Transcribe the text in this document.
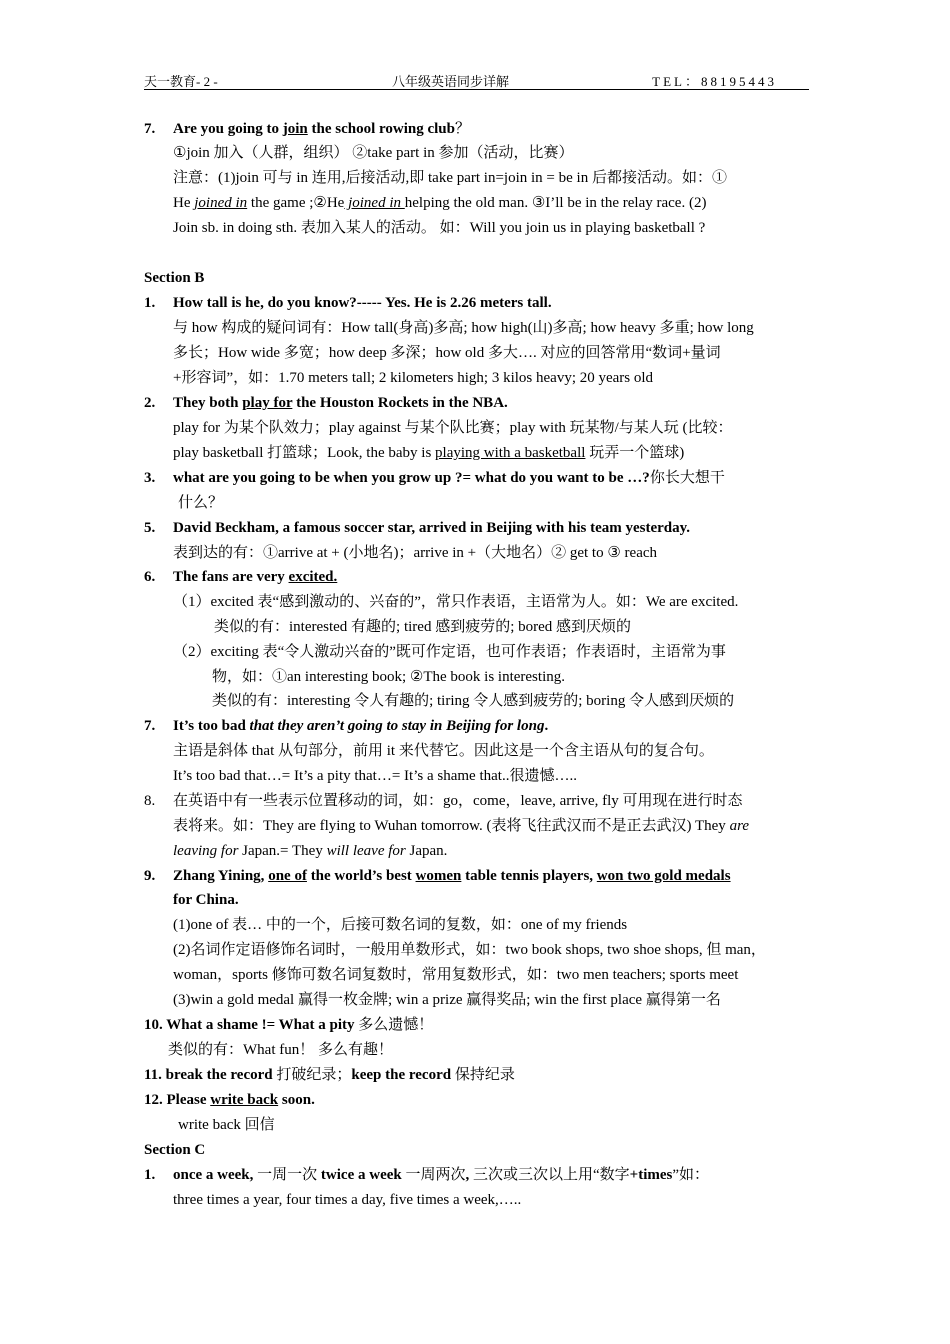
天一教育- 2 -	八年级英语同步详解	TEL：88195443
7. Are you going to join the school rowing club？
①join 加入（人群，组织） ②take part in 参加（活动，比赛）
注意：(1)join 可与 in 连用,后接活动,即 take part in=join in = be in 后都接活动。如：①
He joined in the game ;②He joined in helping the old man. ③I’ll be in the relay race. (2)
Join sb. in doing sth. 表加入某人的活动。 如：Will you join us in playing basketball ?
Section B
1. How tall is he, do you know?----- Yes. He is 2.26 meters tall.
与 how 构成的疑问词有：How tall(身高)多高; how high(山)多高; how heavy 多重; how long
多长；How wide 多宽；how deep 多深；how old 多大…. 对应的回答常用“数词+量词
+形容词”，如：1.70 meters tall; 2 kilometers high; 3 kilos heavy; 20 years old
2. They both play for the Houston Rockets in the NBA.
play for 为某个队效力；play against 与某个队比赛；play with 玩某物/与某人玩 (比较：
play basketball 打篮球；Look, the baby is playing with a basketball 玩弄一个篮球)
3. what are you going to be when you grow up ?= what do you want to be …?你长大想干
什么？
5. David Beckham, a famous soccer star, arrived in Beijing with his team yesterday.
表到达的有：①arrive at + (小地名)；arrive in +（大地名）② get to ③ reach
6. The fans are very excited.
（1）excited 表“感到激动的、兴奋的”，常只作表语，主语常为人。如：We are excited.
类似的有：interested 有趣的; tired 感到疲劳的; bored 感到厌烦的
（2）exciting 表“令人激动兴奋的”既可作定语，也可作表语；作表语时，主语常为事
物，如：①an interesting book; ②The book is interesting.
类似的有：interesting 令人有趣的; tiring 令人感到疲劳的; boring 令人感到厌烦的
7. It’s too bad that they aren’t going to stay in Beijing for long.
主语是斜体 that 从句部分，前用 it 来代替它。因此这是一个含主语从句的复合句。
It’s too bad that…= It’s a pity that…= It’s a shame that..很遗憾…..
8. 在英语中有一些表示位置移动的词，如：go，come，leave, arrive, fly 可用现在进行时态
表将来。如：They are flying to Wuhan tomorrow. (表将飞往武汉而不是正去武汉) They are
leaving for Japan.= They will leave for Japan.
9. Zhang Yining, one of the world’s best women table tennis players, won two gold medals
for China.
(1)one of 表… 中的一个，后接可数名词的复数，如：one of my friends
(2)名词作定语修饰名词时，一般用单数形式，如：two book shops, two shoe shops, 但 man，
woman，sports 修饰可数名词复数时，常用复数形式，如：two men teachers; sports meet
(3)win a gold medal 赢得一枚金牌; win a prize 赢得奖品; win the first place 赢得第一名
10. What a shame != What a pity 多么遗憾！
类似的有：What fun！ 多么有趣！
11. break the record 打破纪录；keep the record 保持纪录
12. Please write back soon.
write back 回信
Section C
1. once a week, 一周一次 twice a week 一周两次, 三次或三次以上用“数字+times”如：
three times a year, four times a day, five times a week,…..
